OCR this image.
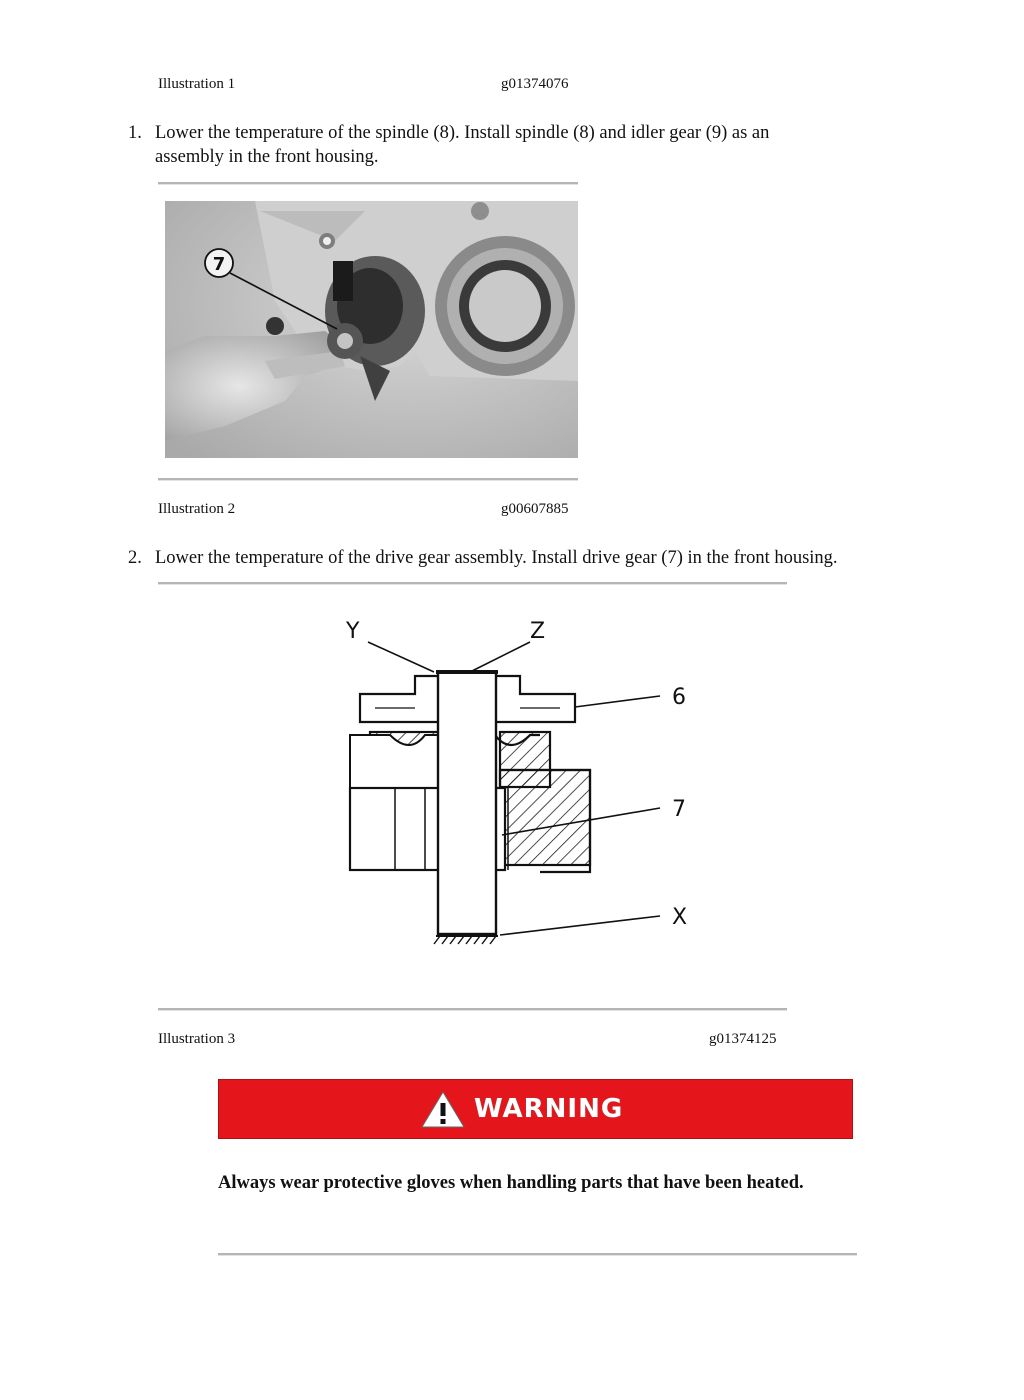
Illustration 1	g01374076
1. Lower the temperature of the spindle (8). Install spindle (8) and idler gear (9) as an
assembly in the front housing.
7
Illustration 2	g00607885
2. Lower the temperature of the drive gear assembly. Install drive gear (7) in the front housing.
Y	Z
6
7
X
Illustration 3	g01374125
WARNING
Always wear protective gloves when handling parts that have been heated.
